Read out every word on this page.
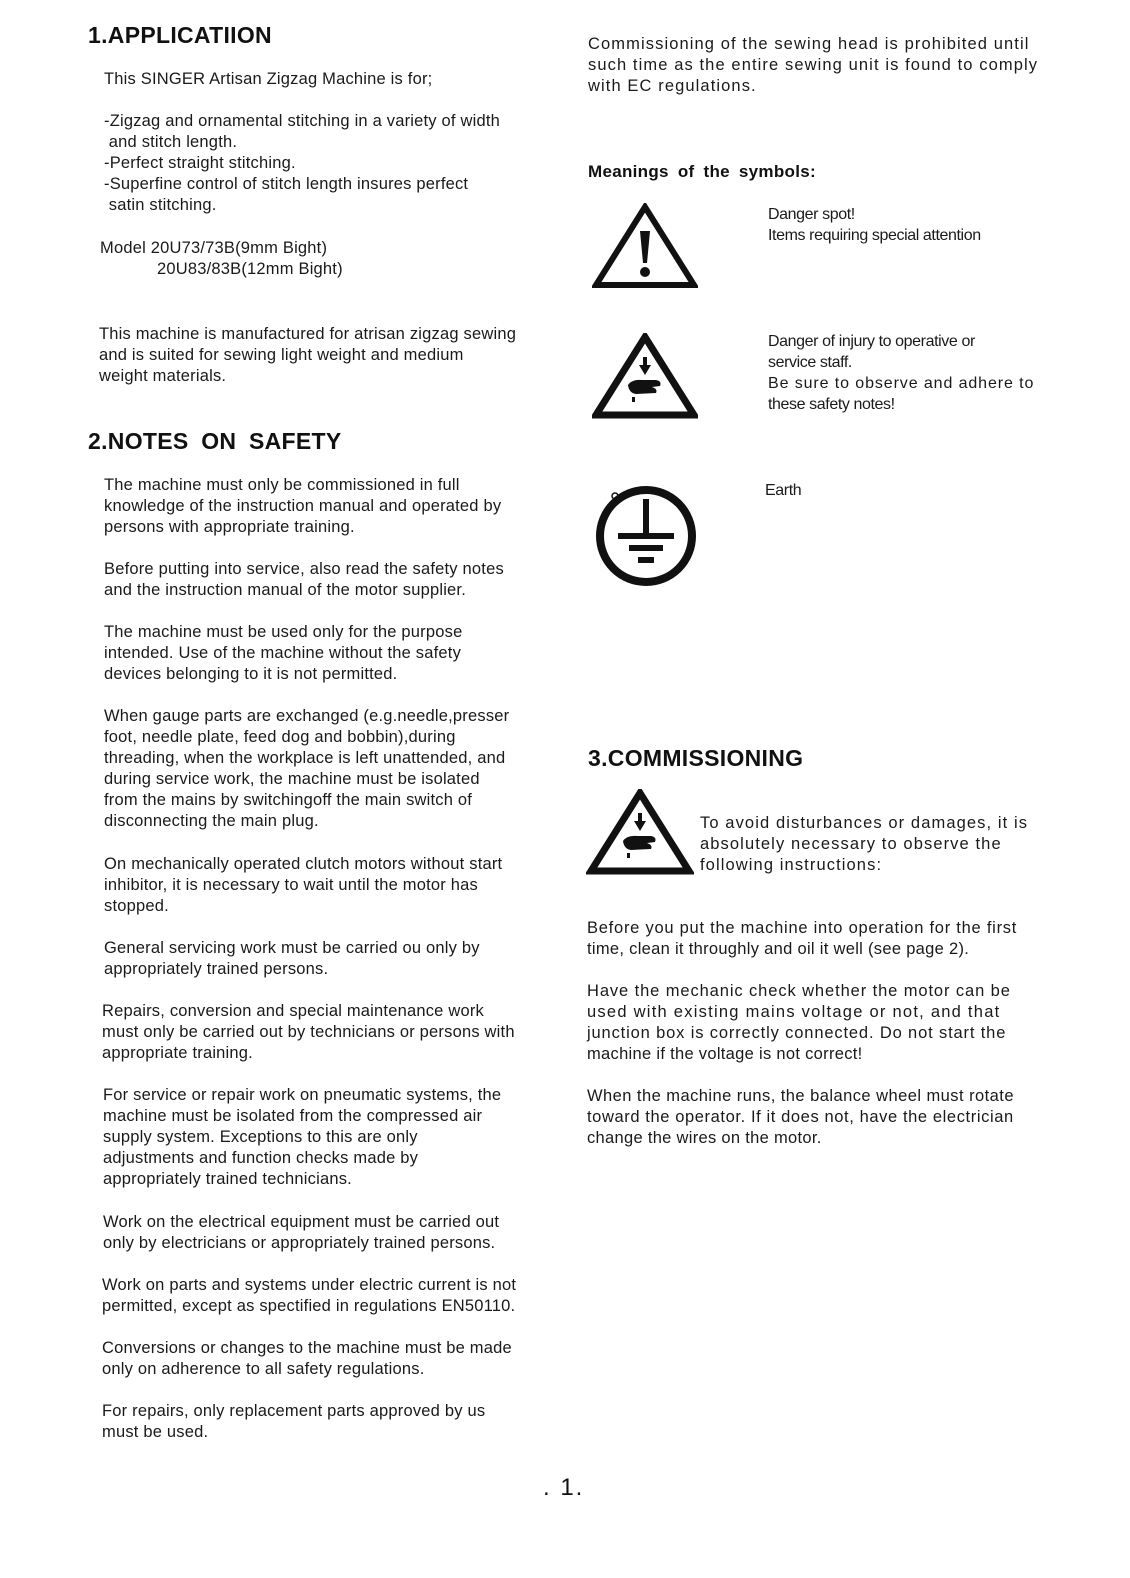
1.APPLICATIION
This SINGER Artisan Zigzag Machine is for;
-Zigzag and ornamental stitching in a variety of width
and stitch length.
-Perfect straight stitching.
-Superfine control of stitch length insures perfect
satin stitching.
Model 20U73/73B(9mm Bight)
20U83/83B(12mm Bight)
This machine is manufactured for atrisan zigzag sewing
and is suited for sewing light weight and medium
weight materials.
2.NOTES ON SAFETY
The machine must only be commissioned in full
knowledge of the instruction manual and operated by
persons with appropriate training.
Before putting into service, also read the safety notes
and the instruction manual of the motor supplier.
The machine must be used only for the purpose
intended. Use of the machine without the safety
devices belonging to it is not permitted.
When gauge parts are exchanged (e.g.needle,presser
foot, needle plate, feed dog and bobbin),during
threading, when the workplace is left unattended, and
during service work, the machine must be isolated
from the mains by switchingoff the main switch of
disconnecting the main plug.
On mechanically operated clutch motors without start
inhibitor, it is necessary to wait until the motor has
stopped.
General servicing work must be carried ou only by
appropriately trained persons.
Repairs, conversion and special maintenance work
must only be carried out by technicians or persons with
appropriate training.
For service or repair work on pneumatic systems, the
machine must be isolated from the compressed air
supply system. Exceptions to this are only
adjustments and function checks made by
appropriately trained technicians.
Work on the electrical equipment must be carried out
only by electricians or appropriately trained persons.
Work on parts and systems under electric current is not
permitted, except as spectified in regulations EN50110.
Conversions or changes to the machine must be made
only on adherence to all safety regulations.
For repairs, only replacement parts approved by us
must be used.
Commissioning of the sewing head is prohibited until
such time as the entire sewing unit is found to comply
with EC regulations.
Meanings of the symbols:
Danger spot!
Items requiring special attention
Danger of injury to operative or
service staff.
Be sure to observe and adhere to
these safety notes!
Earth
3.COMMISSIONING
To avoid disturbances or damages, it is
absolutely necessary to observe the
following instructions:
Before you put the machine into operation for the first
time, clean it throughly and oil it well (see page 2).
Have the mechanic check whether the motor can be
used with existing mains voltage or not, and that
junction box is correctly connected. Do not start the
machine if the voltage is not correct!
When the machine runs, the balance wheel must rotate
toward the operator. If it does not, have the electrician
change the wires on the motor.
. 1.
